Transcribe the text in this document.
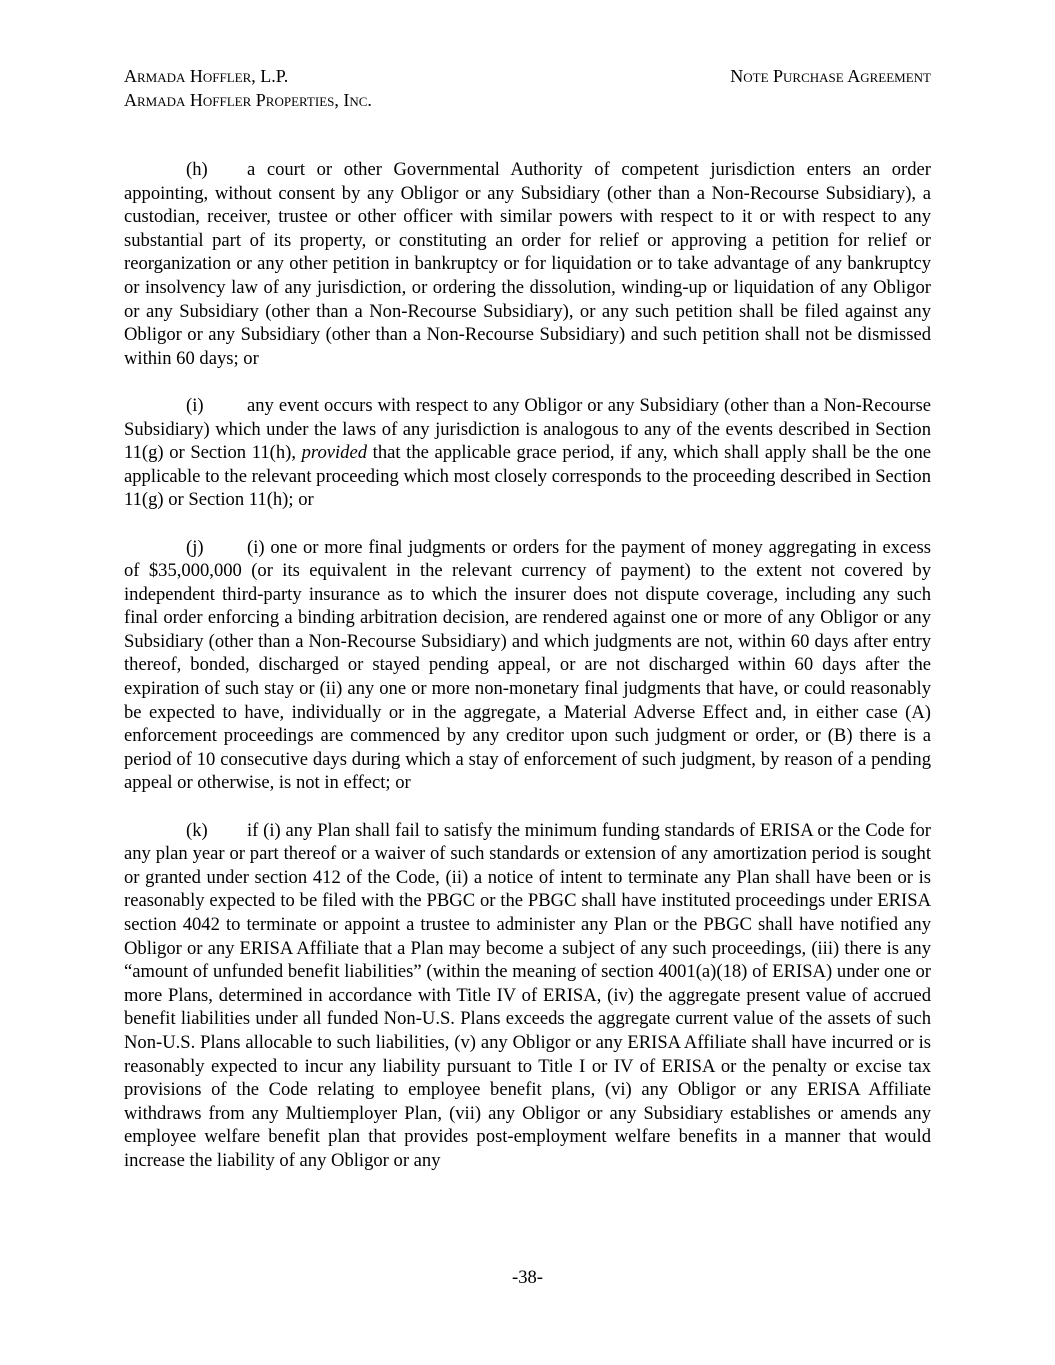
Armada Hoffler, L.P.
Armada Hoffler Properties, Inc.
Note Purchase Agreement

(h) a court or other Governmental Authority of competent jurisdiction enters an order appointing, without consent by any Obligor or any Subsidiary (other than a Non-Recourse Subsidiary), a custodian, receiver, trustee or other officer with similar powers with respect to it or with respect to any substantial part of its property, or constituting an order for relief or approving a petition for relief or reorganization or any other petition in bankruptcy or for liquidation or to take advantage of any bankruptcy or insolvency law of any jurisdiction, or ordering the dissolution, winding-up or liquidation of any Obligor or any Subsidiary (other than a Non-Recourse Subsidiary), or any such petition shall be filed against any Obligor or any Subsidiary (other than a Non-Recourse Subsidiary) and such petition shall not be dismissed within 60 days; or

(i) any event occurs with respect to any Obligor or any Subsidiary (other than a Non-Recourse Subsidiary) which under the laws of any jurisdiction is analogous to any of the events described in Section 11(g) or Section 11(h), provided that the applicable grace period, if any, which shall apply shall be the one applicable to the relevant proceeding which most closely corresponds to the proceeding described in Section 11(g) or Section 11(h); or

(j) (i) one or more final judgments or orders for the payment of money aggregating in excess of $35,000,000 (or its equivalent in the relevant currency of payment) to the extent not covered by independent third-party insurance as to which the insurer does not dispute coverage, including any such final order enforcing a binding arbitration decision, are rendered against one or more of any Obligor or any Subsidiary (other than a Non-Recourse Subsidiary) and which judgments are not, within 60 days after entry thereof, bonded, discharged or stayed pending appeal, or are not discharged within 60 days after the expiration of such stay or (ii) any one or more non-monetary final judgments that have, or could reasonably be expected to have, individually or in the aggregate, a Material Adverse Effect and, in either case (A) enforcement proceedings are commenced by any creditor upon such judgment or order, or (B) there is a period of 10 consecutive days during which a stay of enforcement of such judgment, by reason of a pending appeal or otherwise, is not in effect; or

(k) if (i) any Plan shall fail to satisfy the minimum funding standards of ERISA or the Code for any plan year or part thereof or a waiver of such standards or extension of any amortization period is sought or granted under section 412 of the Code, (ii) a notice of intent to terminate any Plan shall have been or is reasonably expected to be filed with the PBGC or the PBGC shall have instituted proceedings under ERISA section 4042 to terminate or appoint a trustee to administer any Plan or the PBGC shall have notified any Obligor or any ERISA Affiliate that a Plan may become a subject of any such proceedings, (iii) there is any “amount of unfunded benefit liabilities” (within the meaning of section 4001(a)(18) of ERISA) under one or more Plans, determined in accordance with Title IV of ERISA, (iv) the aggregate present value of accrued benefit liabilities under all funded Non-U.S. Plans exceeds the aggregate current value of the assets of such Non-U.S. Plans allocable to such liabilities, (v) any Obligor or any ERISA Affiliate shall have incurred or is reasonably expected to incur any liability pursuant to Title I or IV of ERISA or the penalty or excise tax provisions of the Code relating to employee benefit plans, (vi) any Obligor or any ERISA Affiliate withdraws from any Multiemployer Plan, (vii) any Obligor or any Subsidiary establishes or amends any employee welfare benefit plan that provides post-employment welfare benefits in a manner that would increase the liability of any Obligor or any

-38-
